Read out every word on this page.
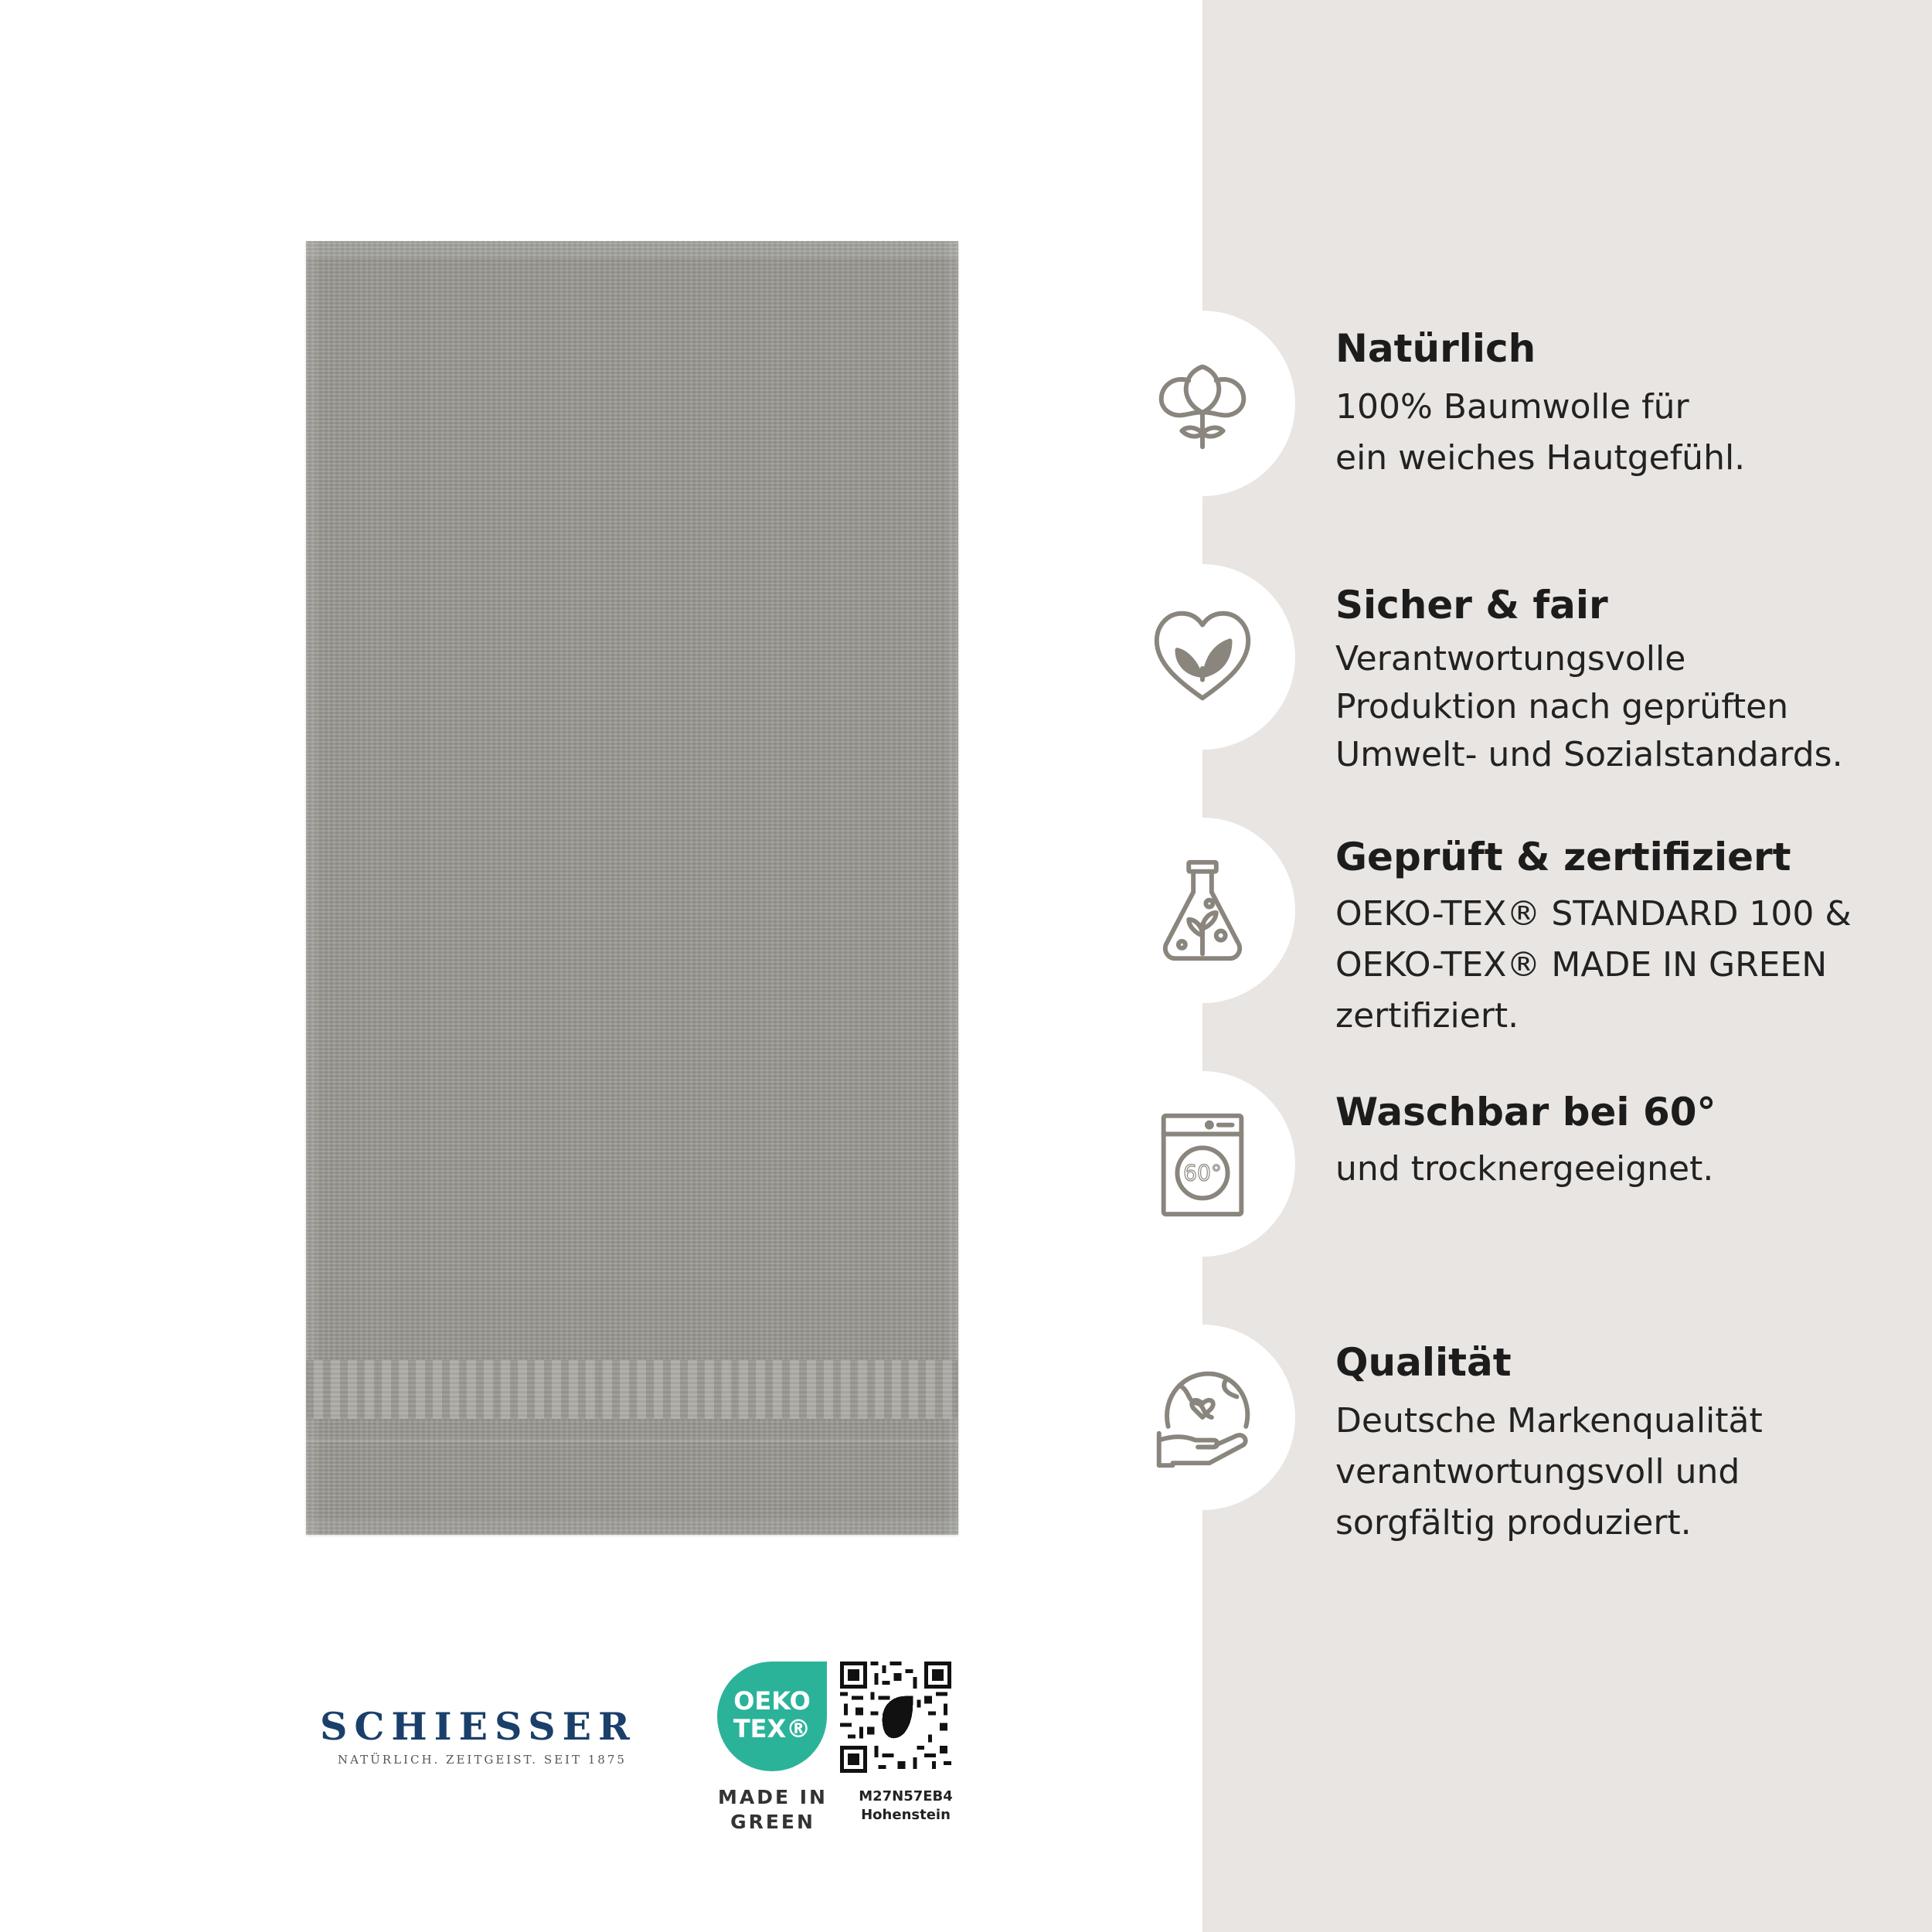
Natürlich
100% Baumwolle für
ein weiches Hautgefühl.
Sicher & fair
Verantwortungsvolle
Produktion nach geprüften
Umwelt- und Sozialstandards.
Geprüft & zertifiziert
OEKO-TEX® STANDARD 100 &
OEKO-TEX® MADE IN GREEN
zertifiziert.
60°
Waschbar bei 60°
und trocknergeeignet.
Qualität
Deutsche Markenqualität
verantwortungsvoll und
sorgfältig produziert.
SCHIESSER
NATÜRLICH. ZEITGEIST. SEIT 1875
OEKO
TEX®
MADE IN
GREEN
M27N57EB4
Hohenstein
